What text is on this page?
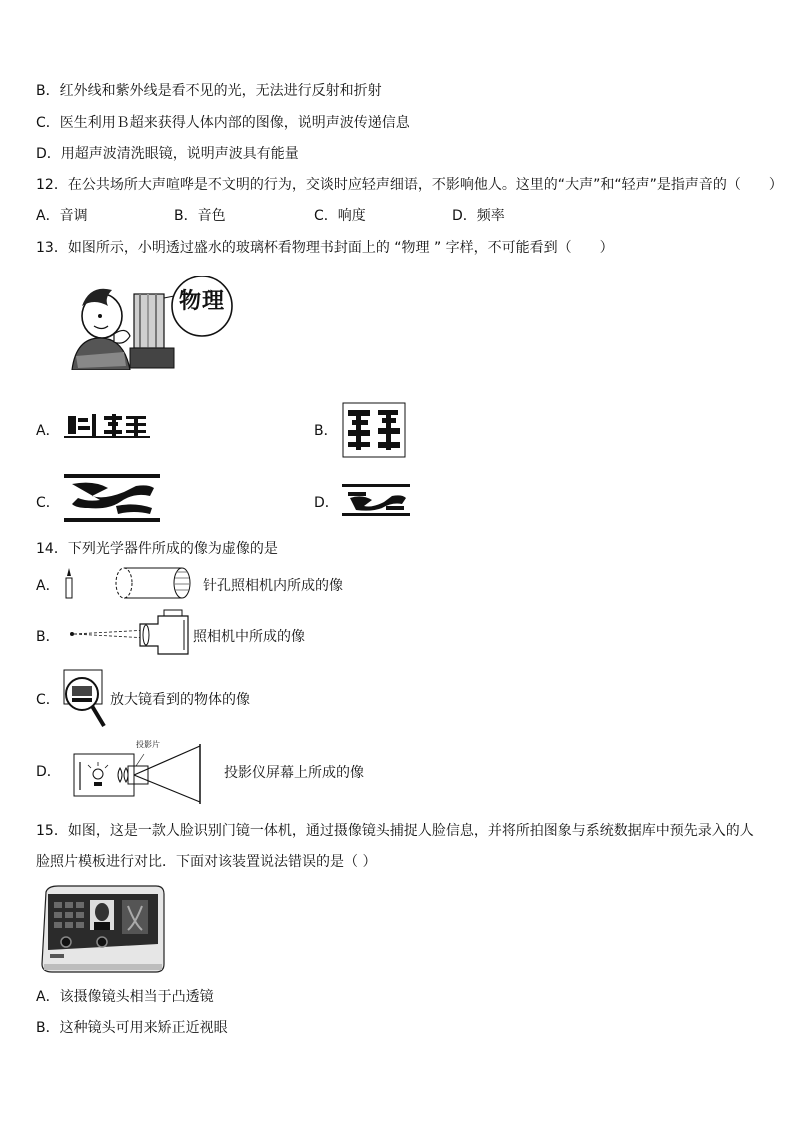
B．红外线和紫外线是看不见的光，无法进行反射和折射
C．医生利用Ｂ超来获得人体内部的图像，说明声波传递信息
D．用超声波清洗眼镜，说明声波具有能量
12．在公共场所大声喧哗是不文明的行为，交谈时应轻声细语，不影响他人。这里的“大声”和“轻声”是指声音的（　　）
A．音调	B．音色	C．响度	D．频率
13．如图所示，小明透过盛水的玻璃杯看物理书封面上的 “物理 ” 字样，不可能看到（　　）
物理
A．	B．
C．	D．
14．下列光学器件所成的像为虚像的是
A．	针孔照相机内所成的像
B．	照相机中所成的像
C．	放大镜看到的物体的像
D．
投影片
投影仪屏幕上所成的像
15．如图，这是一款人脸识别门镜一体机，通过摄像镜头捕捉人脸信息，并将所拍图象与系统数据库中预先录入的人
脸照片模板进行对比．下面对该装置说法错误的是（ ）
A．该摄像镜头相当于凸透镜
B．这种镜头可用来矫正近视眼
